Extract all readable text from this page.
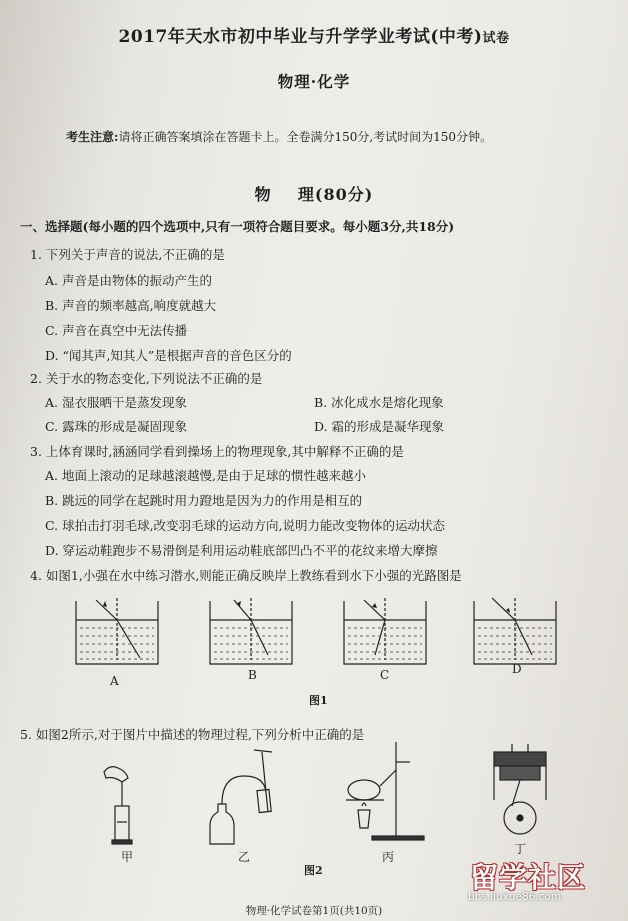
2017年天水市初中毕业与升学学业考试(中考)试卷
物理·化学
考生注意:请将正确答案填涂在答题卡上。全卷满分150分,考试时间为150分钟。
物    理(80分)
一、选择题(每小题的四个选项中,只有一项符合题目要求。每小题3分,共18分)
1. 下列关于声音的说法,不正确的是
A. 声音是由物体的振动产生的
B. 声音的频率越高,响度就越大
C. 声音在真空中无法传播
D. “闻其声,知其人”是根据声音的音色区分的
2. 关于水的物态变化,下列说法不正确的是
A. 湿衣服晒干是蒸发现象	B. 冰化成水是熔化现象
C. 露珠的形成是凝固现象	D. 霜的形成是凝华现象
3. 上体育课时,涵涵同学看到操场上的物理现象,其中解释不正确的是
A. 地面上滚动的足球越滚越慢,是由于足球的惯性越来越小
B. 跳远的同学在起跳时用力蹬地是因为力的作用是相互的
C. 球拍击打羽毛球,改变羽毛球的运动方向,说明力能改变物体的运动状态
D. 穿运动鞋跑步不易滑倒是利用运动鞋底部凹凸不平的花纹来增大摩擦
4. 如图1,小强在水中练习潜水,则能正确反映岸上教练看到水下小强的光路图是
A	B	C	D
图1
5. 如图2所示,对于图片中描述的物理过程,下列分析中正确的是
甲	乙	丙
丁
图2
物理·化学试卷第1页(共10页)
留学社区
bbs.liuxue86.com
